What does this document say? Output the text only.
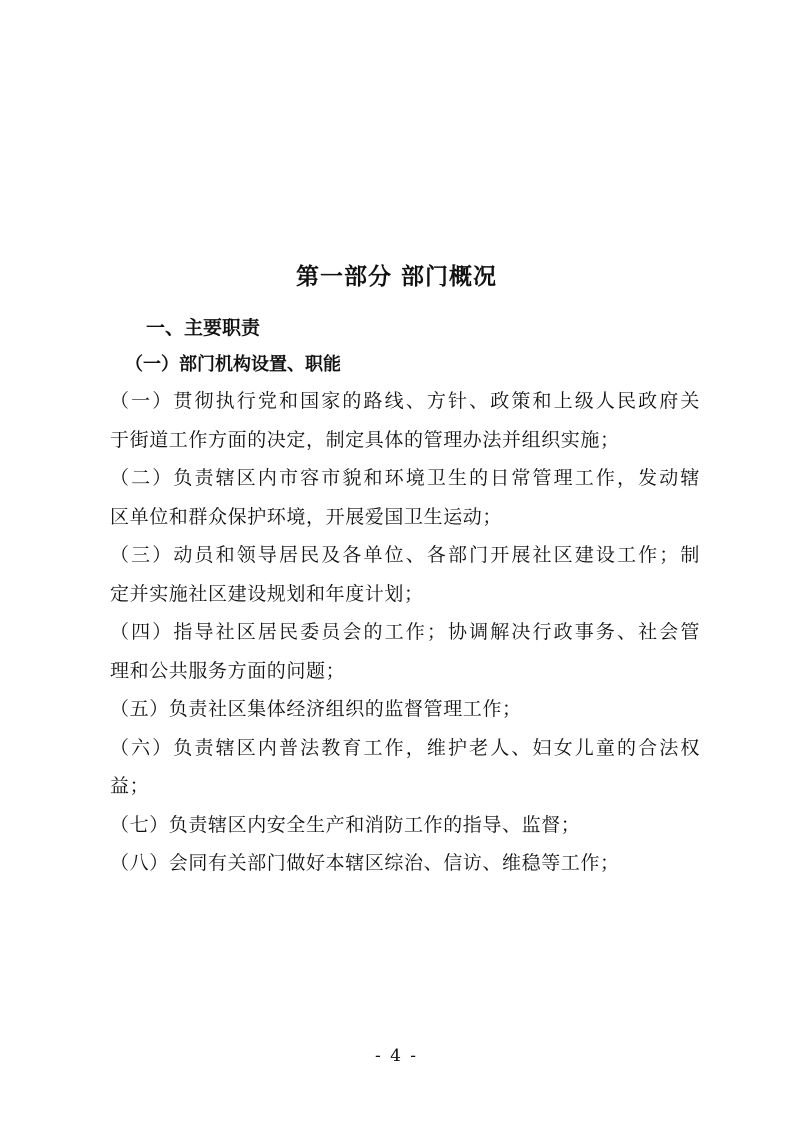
第一部分 部门概况
一、主要职责
（一）部门机构设置、职能
（一）贯彻执行党和国家的路线、方针、政策和上级人民政府关
于街道工作方面的决定，制定具体的管理办法并组织实施；
（二）负责辖区内市容市貌和环境卫生的日常管理工作，发动辖
区单位和群众保护环境，开展爱国卫生运动；
（三）动员和领导居民及各单位、各部门开展社区建设工作；制
定并实施社区建设规划和年度计划；
（四）指导社区居民委员会的工作；协调解决行政事务、社会管
理和公共服务方面的问题；
（五）负责社区集体经济组织的监督管理工作；
（六）负责辖区内普法教育工作，维护老人、妇女儿童的合法权
益；
（七）负责辖区内安全生产和消防工作的指导、监督；
（八）会同有关部门做好本辖区综治、信访、维稳等工作；
- 4 -
